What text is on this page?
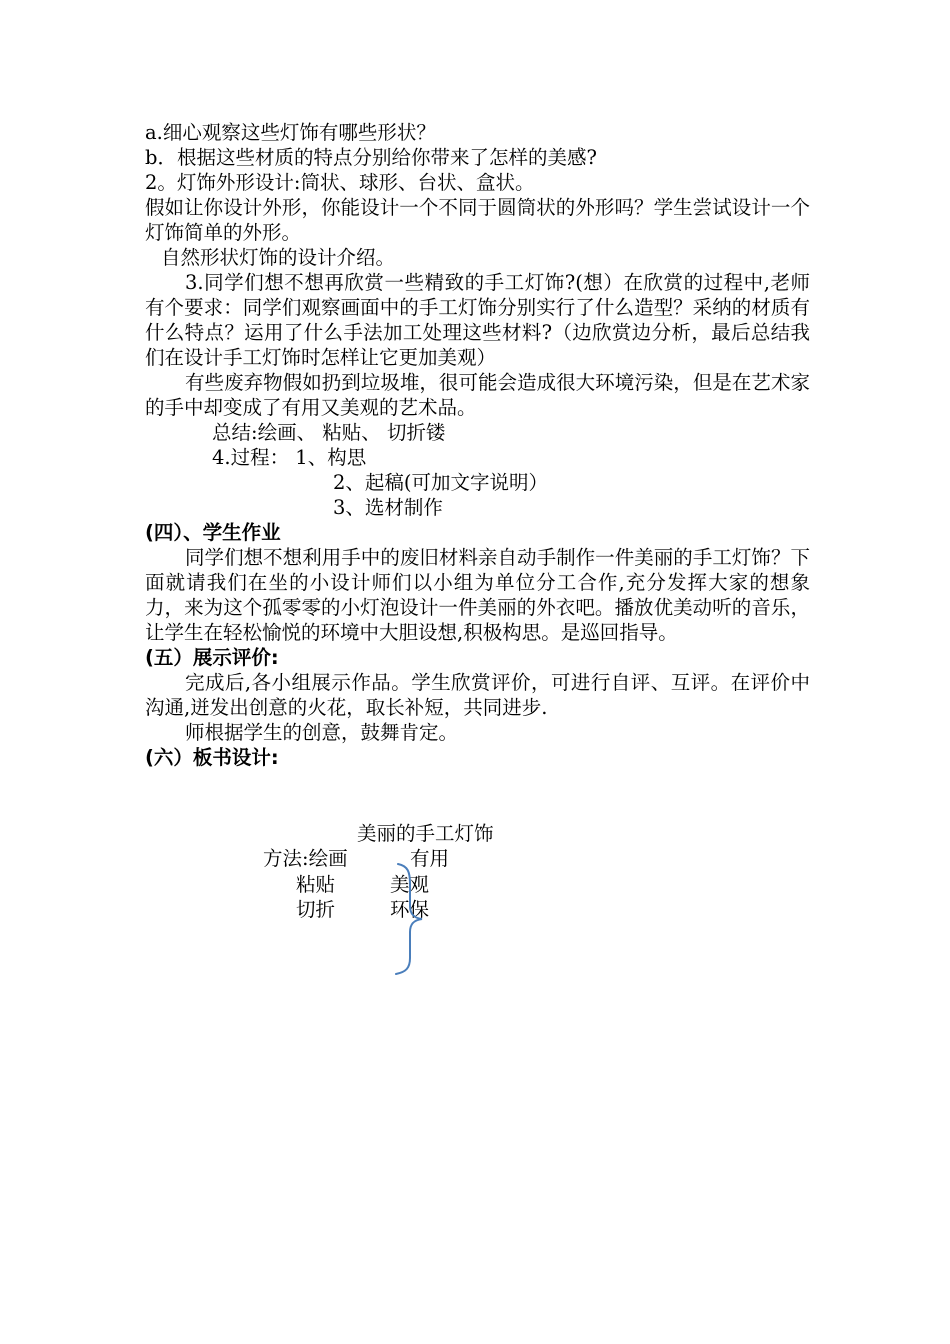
a.细心观察这些灯饰有哪些形状？

b．根据这些材质的特点分别给你带来了怎样的美感?

2。灯饰外形设计:筒状、球形、台状、盒状。

假如让你设计外形，你能设计一个不同于圆筒状的外形吗？学生尝试设计一个灯饰简单的外形。

自然形状灯饰的设计介绍。

3.同学们想不想再欣赏一些精致的手工灯饰?(想）在欣赏的过程中,老师有个要求：同学们观察画面中的手工灯饰分别实行了什么造型？采纳的材质有什么特点？运用了什么手法加工处理这些材料?（边欣赏边分析，最后总结我们在设计手工灯饰时怎样让它更加美观）

有些废弃物假如扔到垃圾堆，很可能会造成很大环境污染，但是在艺术家的手中却变成了有用又美观的艺术品。

总结:绘画、 粘贴、 切折镂

4.过程： 1、构思

2、起稿(可加文字说明）

3、选材制作

(四）、学生作业

同学们想不想利用手中的废旧材料亲自动手制作一件美丽的手工灯饰？下面就请我们在坐的小设计师们以小组为单位分工合作,充分发挥大家的想象力，来为这个孤零零的小灯泡设计一件美丽的外衣吧。播放优美动听的音乐，让学生在轻松愉悦的环境中大胆设想,积极构思。是巡回指导。

(五）展示评价:

完成后,各小组展示作品。学生欣赏评价，可进行自评、互评。在评价中沟通,迸发出创意的火花，取长补短，共同进步.

师根据学生的创意，鼓舞肯定。

(六）板书设计:

美丽的手工灯饰
方法:绘画
粘贴
切折
有用
美观
环保
